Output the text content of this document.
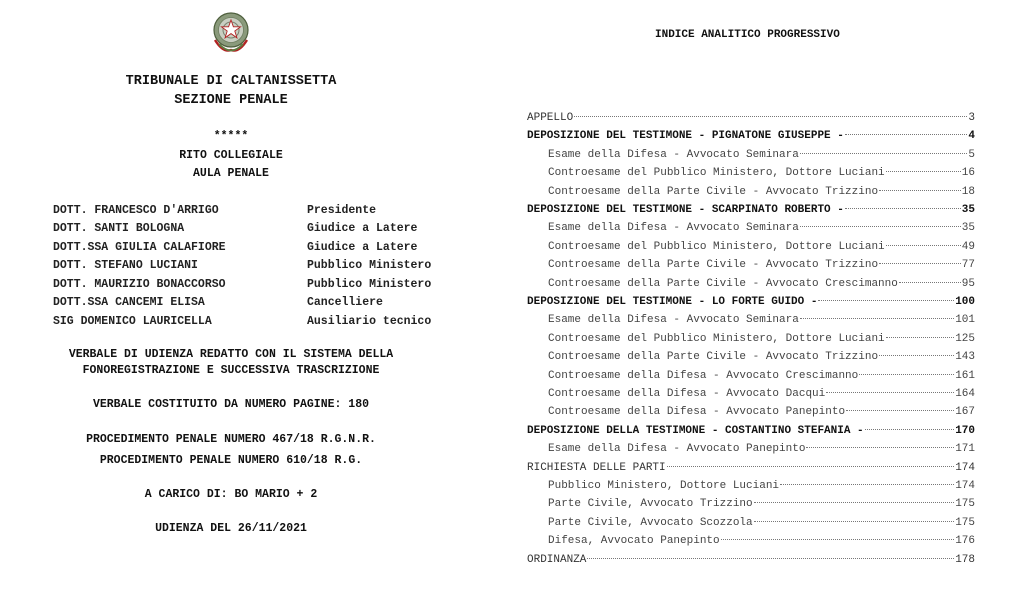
TRIBUNALE DI CALTANISSETTA
SEZIONE PENALE
*****
RITO COLLEGIALE
AULA PENALE
DOTT. FRANCESCO D'ARRIGO	Presidente
DOTT. SANTI BOLOGNA	Giudice a Latere
DOTT.SSA GIULIA CALAFIORE	Giudice a Latere
DOTT. STEFANO LUCIANI	Pubblico Ministero
DOTT. MAURIZIO BONACCORSO	Pubblico Ministero
DOTT.SSA CANCEMI ELISA	Cancelliere
SIG DOMENICO LAURICELLA	Ausiliario tecnico
VERBALE DI UDIENZA REDATTO CON IL SISTEMA DELLA
FONOREGISTRAZIONE E SUCCESSIVA TRASCRIZIONE
VERBALE COSTITUITO DA NUMERO PAGINE: 180
PROCEDIMENTO PENALE NUMERO 467/18 R.G.N.R.
PROCEDIMENTO PENALE NUMERO 610/18 R.G.
A CARICO DI: BO MARIO + 2
UDIENZA DEL 26/11/2021
INDICE ANALITICO PROGRESSIVO
APPELLO	3
DEPOSIZIONE DEL TESTIMONE - PIGNATONE GIUSEPPE -	4
Esame della Difesa - Avvocato Seminara	5
Controesame del Pubblico Ministero, Dottore Luciani	16
Controesame della Parte Civile - Avvocato Trizzino	18
DEPOSIZIONE DEL TESTIMONE - SCARPINATO ROBERTO -	35
Esame della Difesa - Avvocato Seminara	35
Controesame del Pubblico Ministero, Dottore Luciani	49
Controesame della Parte Civile - Avvocato Trizzino	77
Controesame della Parte Civile - Avvocato Crescimanno	95
DEPOSIZIONE DEL TESTIMONE - LO FORTE GUIDO -	100
Esame della Difesa - Avvocato Seminara	101
Controesame del Pubblico Ministero, Dottore Luciani	125
Controesame della Parte Civile - Avvocato Trizzino	143
Controesame della Difesa - Avvocato Crescimanno	161
Controesame della Difesa - Avvocato Dacqui	164
Controesame della Difesa - Avvocato Panepinto	167
DEPOSIZIONE DELLA TESTIMONE - COSTANTINO STEFANIA -	170
Esame della Difesa - Avvocato Panepinto	171
RICHIESTA DELLE PARTI	174
Pubblico Ministero, Dottore Luciani	174
Parte Civile, Avvocato Trizzino	175
Parte Civile, Avvocato Scozzola	175
Difesa, Avvocato Panepinto	176
ORDINANZA	178
